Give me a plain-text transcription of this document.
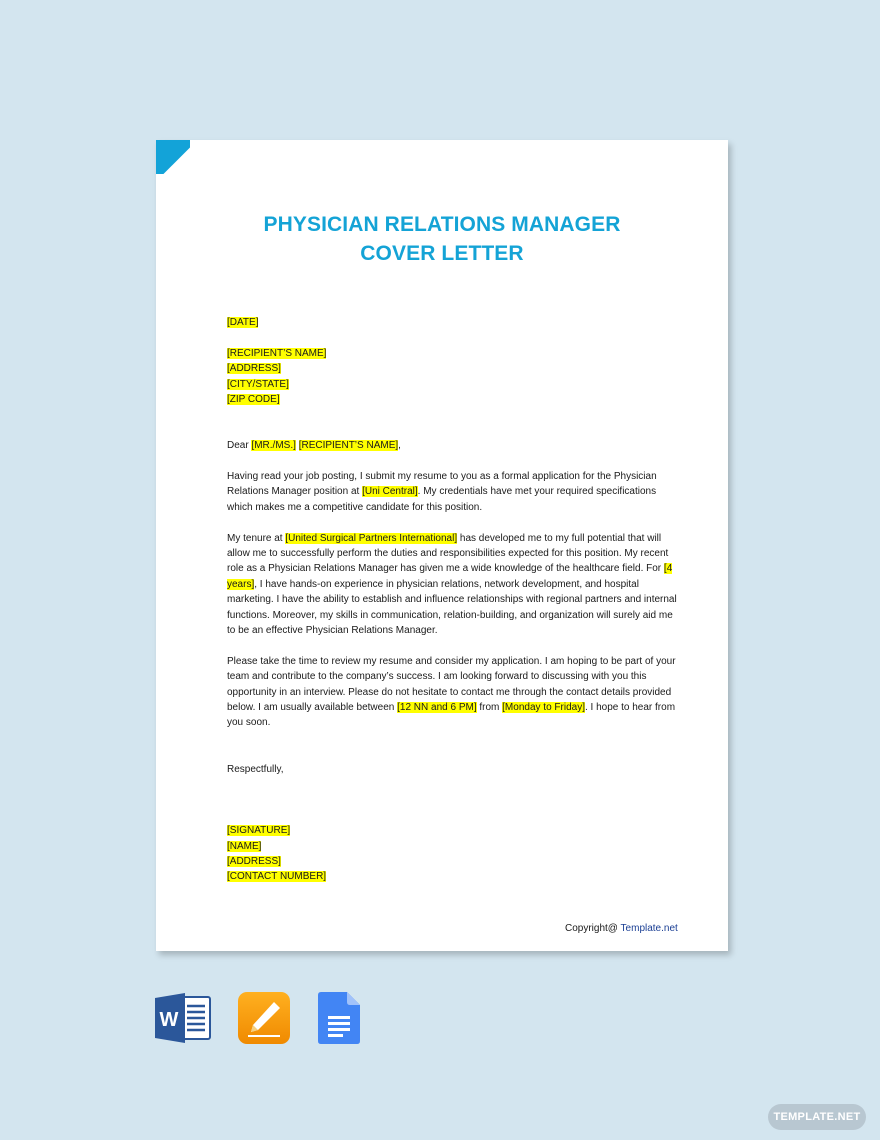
PHYSICIAN RELATIONS MANAGER
COVER LETTER
[DATE]
[RECIPIENT’S NAME]
[ADDRESS]
[CITY/STATE]
[ZIP CODE]

Dear [MR./MS.] [RECIPIENT’S NAME],

Having read your job posting, I submit my resume to you as a formal application for the Physician Relations Manager position at [Uni Central]. My credentials have met your required specifications which makes me a competitive candidate for this position.

My tenure at [United Surgical Partners International] has developed me to my full potential that will allow me to successfully perform the duties and responsibilities expected for this position. My recent role as a Physician Relations Manager has given me a wide knowledge of the healthcare field. For [4 years], I have hands-on experience in physician relations, network development, and hospital marketing. I have the ability to establish and influence relationships with regional partners and internal functions. Moreover, my skills in communication, relation-building, and organization will surely aid me to be an effective Physician Relations Manager.

Please take the time to review my resume and consider my application. I am hoping to be part of your team and contribute to the company’s success. I am looking forward to discussing with you this opportunity in an interview. Please do not hesitate to contact me through the contact details provided below. I am usually available between [12 NN and 6 PM] from [Monday to Friday]. I hope to hear from you soon.

Respectfully,

[SIGNATURE]
[NAME]
[ADDRESS]
[CONTACT NUMBER]
Copyright@ Template.net
W
TEMPLATE.NET
